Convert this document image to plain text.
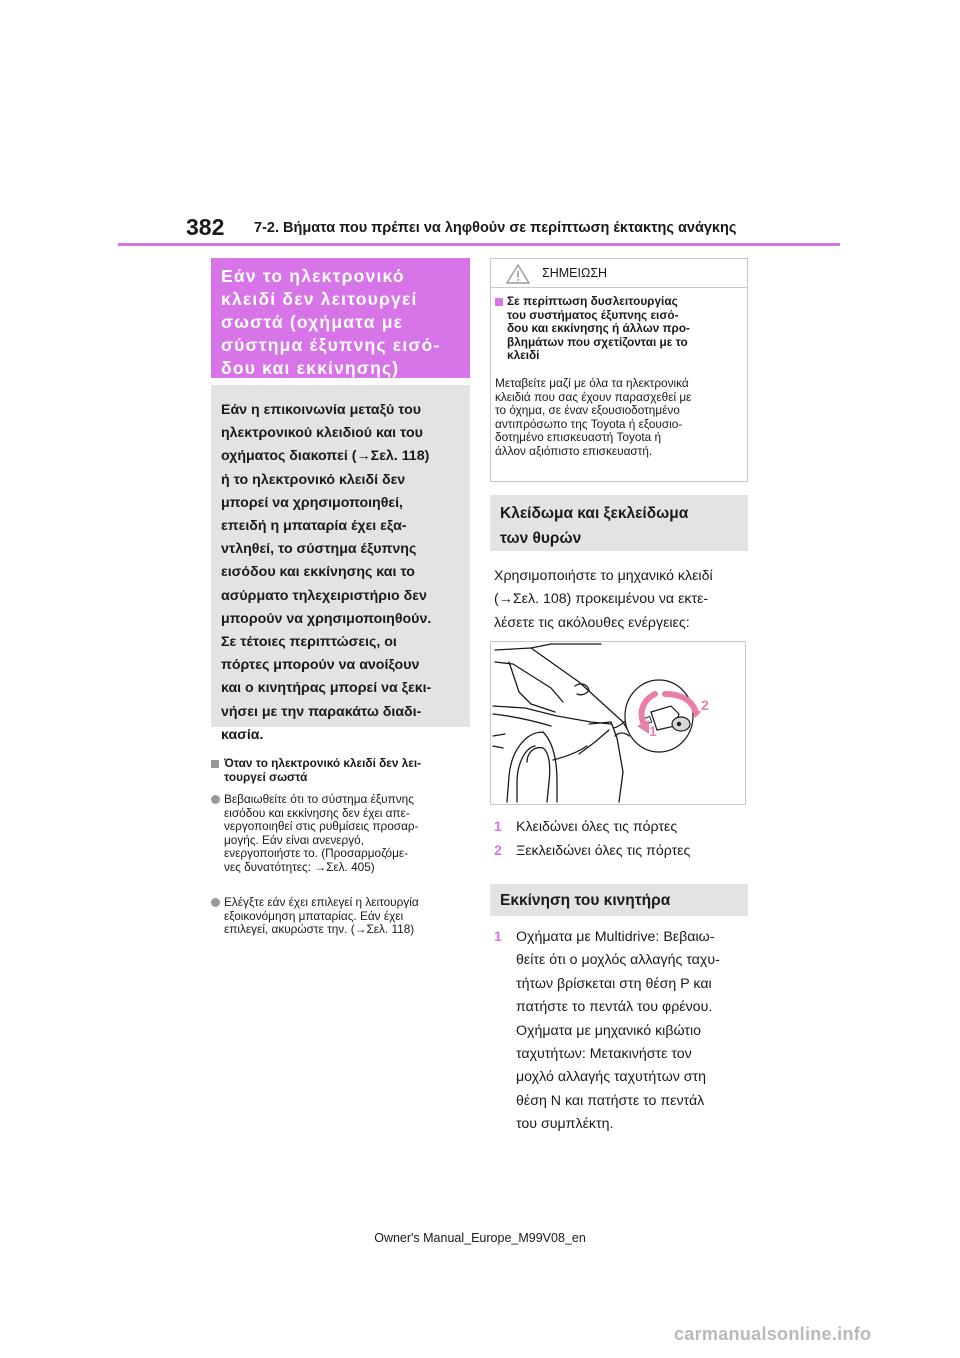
382 7-2. Βήματα που πρέπει να ληφθούν σε περίπτωση έκτακτης ανάγκης
Εάν το ηλεκτρονικό
κλειδί δεν λειτουργεί
σωστά (οχήματα με
σύστημα έξυπνης εισό-
δου και εκκίνησης)
Εάν η επικοινωνία μεταξύ του
ηλεκτρονικού κλειδιού και του
οχήματος διακοπεί (→Σελ. 118)
ή το ηλεκτρονικό κλειδί δεν
μπορεί να χρησιμοποιηθεί,
επειδή η μπαταρία έχει εξα-
ντληθεί, το σύστημα έξυπνης
εισόδου και εκκίνησης και το
ασύρματο τηλεχειριστήριο δεν
μπορούν να χρησιμοποιηθούν.
Σε τέτοιες περιπτώσεις, οι
πόρτες μπορούν να ανοίξουν
και ο κινητήρας μπορεί να ξεκι-
νήσει με την παρακάτω διαδι-
κασία.
Όταν το ηλεκτρονικό κλειδί δεν λει-
τουργεί σωστά
Βεβαιωθείτε ότι το σύστημα έξυπνης
εισόδου και εκκίνησης δεν έχει απε-
νεργοποιηθεί στις ρυθμίσεις προσαρ-
μογής. Εάν είναι ανενεργό,
ενεργοποιήστε το. (Προσαρμοζόμε-
νες δυνατότητες: →Σελ. 405)
Ελέγξτε εάν έχει επιλεγεί η λειτουργία
εξοικονόμηση μπαταρίας. Εάν έχει
επιλεγεί, ακυρώστε την. (→Σελ. 118)
ΣΗΜΕΙΩΣΗ
Σε περίπτωση δυσλειτουργίας
του συστήματος έξυπνης εισό-
δου και εκκίνησης ή άλλων προ-
βλημάτων που σχετίζονται με το
κλειδί
Μεταβείτε μαζί με όλα τα ηλεκτρονικά
κλειδιά που σας έχουν παρασχεθεί με
το όχημα, σε έναν εξουσιοδοτημένο
αντιπρόσωπο της Toyota ή εξουσιο-
δοτημένο επισκευαστή Toyota ή
άλλον αξιόπιστο επισκευαστή.
Κλείδωμα και ξεκλείδωμα
των θυρών
Χρησιμοποιήστε το μηχανικό κλειδί
(→Σελ. 108) προκειμένου να εκτε-
λέσετε τις ακόλουθες ενέργειες:
1
2
1 Κλειδώνει όλες τις πόρτες
2 Ξεκλειδώνει όλες τις πόρτες
Εκκίνηση του κινητήρα
1 Οχήματα με Multidrive: Βεβαιω-
θείτε ότι ο μοχλός αλλαγής ταχυ-
τήτων βρίσκεται στη θέση P και
πατήστε το πεντάλ του φρένου.
Οχήματα με μηχανικό κιβώτιο
ταχυτήτων: Μετακινήστε τον
μοχλό αλλαγής ταχυτήτων στη
θέση N και πατήστε το πεντάλ
του συμπλέκτη.
Owner's Manual_Europe_M99V08_en
carmanualsonline.info
